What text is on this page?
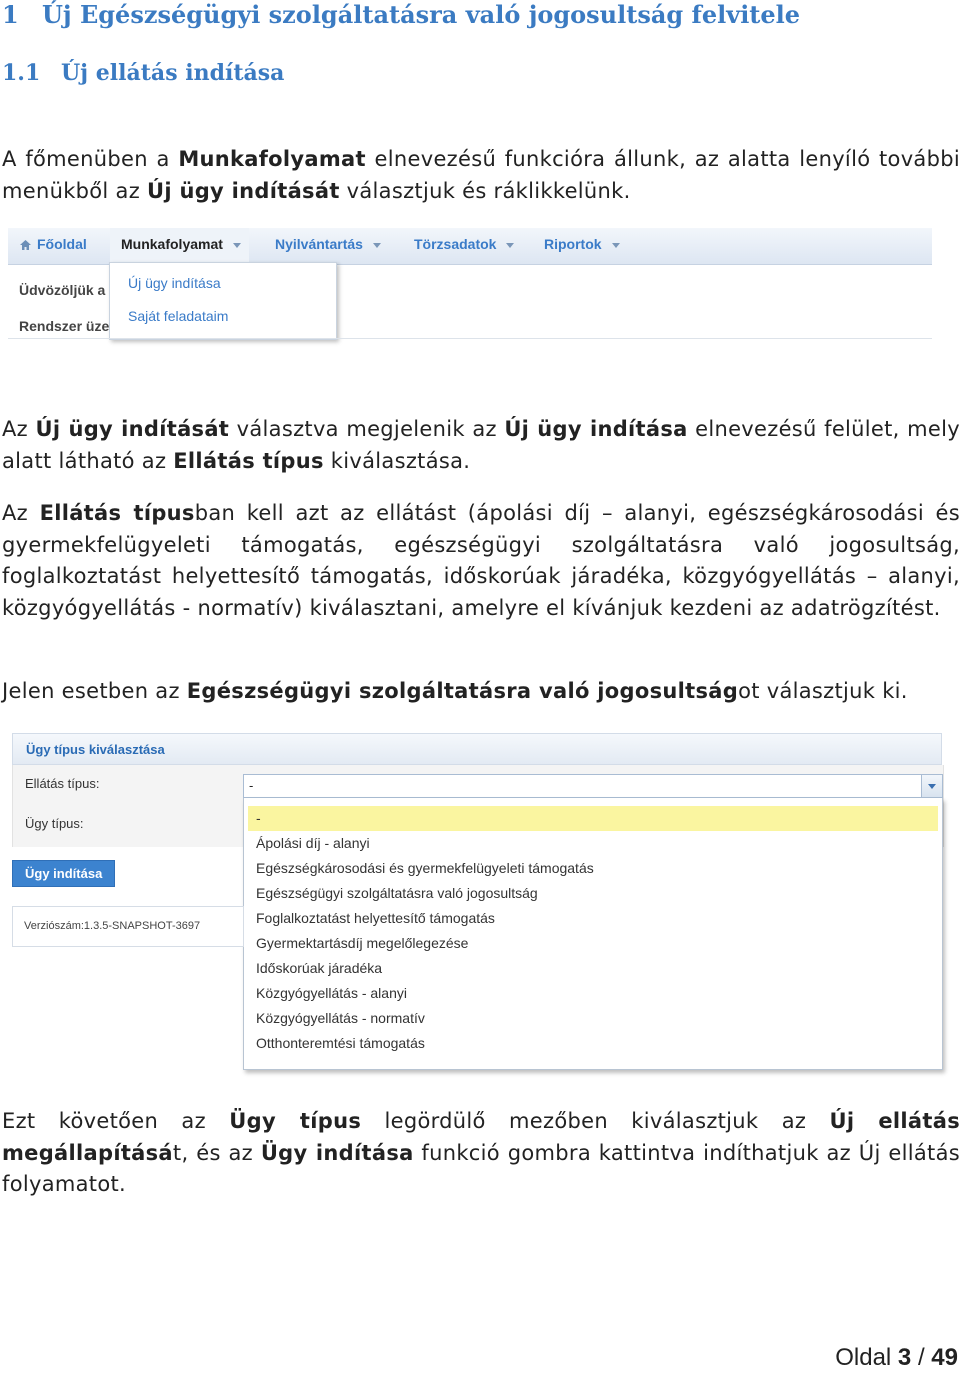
1 Új Egészségügyi szolgáltatásra való jogosultság felvitele
1.1 Új ellátás indítása
A főmenüben a Munkafolyamat elnevezésű funkcióra állunk, az alatta lenyíló további menükből az Új ügy indítását választjuk és ráklikkelünk.
Főoldal	Munkafolyamat	Nyilvántartás	Törzsadatok	Riportok
Üdvözöljük a
Rendszer üze
Új ügy indítása
Saját feladataim
Az Új ügy indítását választva megjelenik az Új ügy indítása elnevezésű felület, mely alatt látható az Ellátás típus kiválasztása.
Az Ellátás típusban kell azt az ellátást (ápolási díj – alanyi, egészségkárosodási és gyermekfelügyeleti támogatás, egészségügyi szolgáltatásra való jogosultság, foglalkoztatást helyettesítő támogatás, időskorúak járadéka, közgyógyellátás – alanyi, közgyógyellátás - normatív) kiválasztani, amelyre el kívánjuk kezdeni az adatrögzítést.
Jelen esetben az Egészségügyi szolgáltatásra való jogosultságot választjuk ki.
Ügy típus kiválasztása
Ellátás típus:
Ügy típus:
-
-
Ápolási díj - alanyi
Egészségkárosodási és gyermekfelügyeleti támogatás
Egészségügyi szolgáltatásra való jogosultság
Foglalkoztatást helyettesítő támogatás
Gyermektartásdíj megelőlegezése
Időskorúak járadéka
Közgyógyellátás - alanyi
Közgyógyellátás - normatív
Otthonteremtési támogatás
Ügy indítása
Verziószám:1.3.5-SNAPSHOT-3697
Ezt követően az Ügy típus legördülő mezőben kiválasztjuk az Új ellátás megállapítását, és az Ügy indítása funkció gombra kattintva indíthatjuk az Új ellátás folyamatot.
Oldal 3 / 49
